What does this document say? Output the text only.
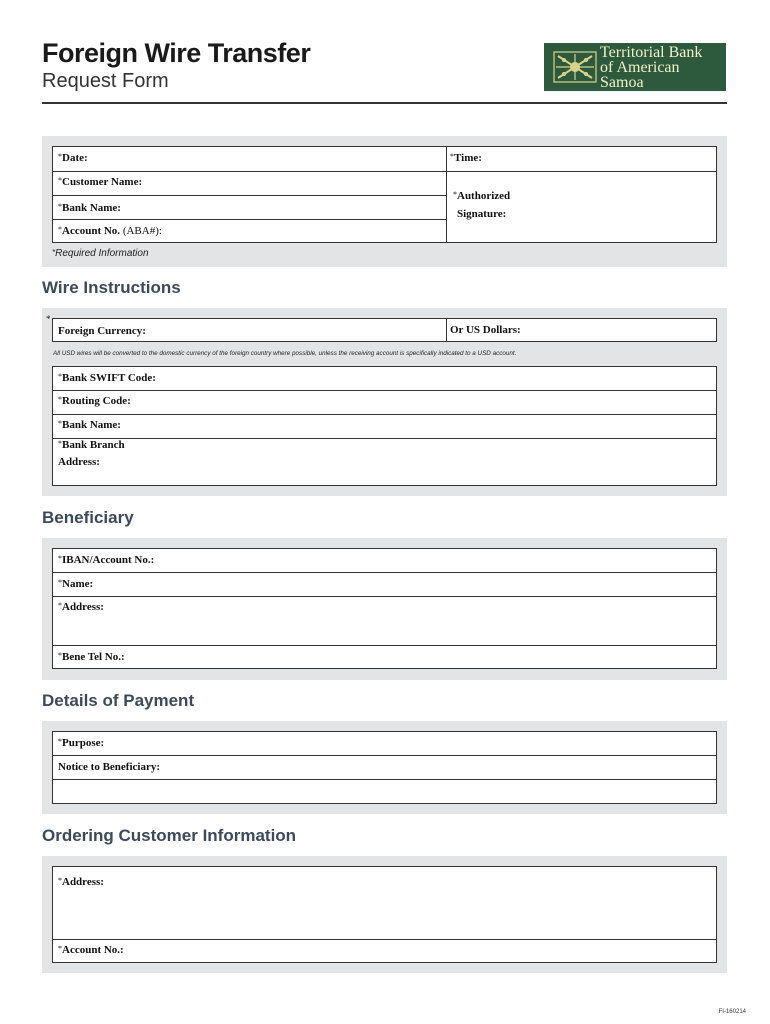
Foreign Wire Transfer
Request Form
Territorial Bank
of American Samoa
*Date:	*Time:
*Customer Name:
*Bank Name:
*Account No. (ABA#):
*Authorized
Signature:
*Required Information
Wire Instructions
*
Foreign Currency:	Or US Dollars:
All USD wires will be converted to the domestic currency of the foreign country where possible, unless the receiving account is specifically indicated to a USD account.
*Bank SWIFT Code:
*Routing Code:
*Bank Name:
*Bank Branch
Address:
Beneficiary
*IBAN/Account No.:
*Name:
*Address:
*Bene Tel No.:
Details of Payment
*Purpose:
Notice to Beneficiary:
Ordering Customer Information
*Address:
*Account No.:
FI-160214
